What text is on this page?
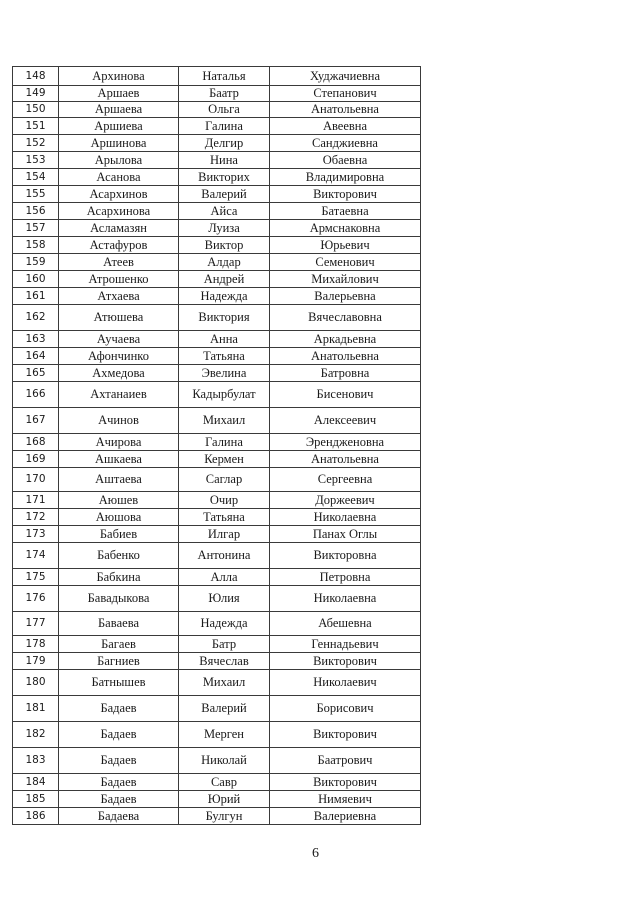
148	Архинова	Наталья	Худжачиевна
149	Аршаев	Баатр	Степанович
150	Аршаева	Ольга	Анатольевна
151	Аршиева	Галина	Авеевна
152	Аршинова	Делгир	Санджиевна
153	Арылова	Нина	Обаевна
154	Асанова	Викторих	Владимировна
155	Асархинов	Валерий	Викторович
156	Асархинова	Айса	Батаевна
157	Асламазян	Луиза	Армснаковна
158	Астафуров	Виктор	Юрьевич
159	Атеев	Алдар	Семенович
160	Атрошенко	Андрей	Михайлович
161	Атхаева	Надежда	Валерьевна
162	Атюшева	Виктория	Вячеславовна
163	Аучаева	Анна	Аркадьевна
164	Афончинко	Татьяна	Анатольевна
165	Ахмедова	Эвелина	Батровна
166	Ахтанаиев	Кадырбулат	Бисенович
167	Ачинов	Михаил	Алексеевич
168	Ачирова	Галина	Эрендженовна
169	Ашкаева	Кермен	Анатольевна
170	Аштаева	Саглар	Сергеевна
171	Аюшев	Очир	Доржеевич
172	Аюшова	Татьяна	Николаевна
173	Бабиев	Илгар	Панах Оглы
174	Бабенко	Антонина	Викторовна
175	Бабкина	Алла	Петровна
176	Бавадыкова	Юлия	Николаевна
177	Бавaева	Надежда	Абешевна
178	Багаев	Батр	Геннадьевич
179	Багниев	Вячеслав	Викторович
180	Батнышев	Михаил	Николаевич
181	Бадаев	Валерий	Борисович
182	Бадаев	Мерген	Викторович
183	Бадаев	Николай	Баатрович
184	Бадаев	Савр	Викторович
185	Бадаев	Юрий	Нимяевич
186	Бадаева	Булгун	Валериевна
6
